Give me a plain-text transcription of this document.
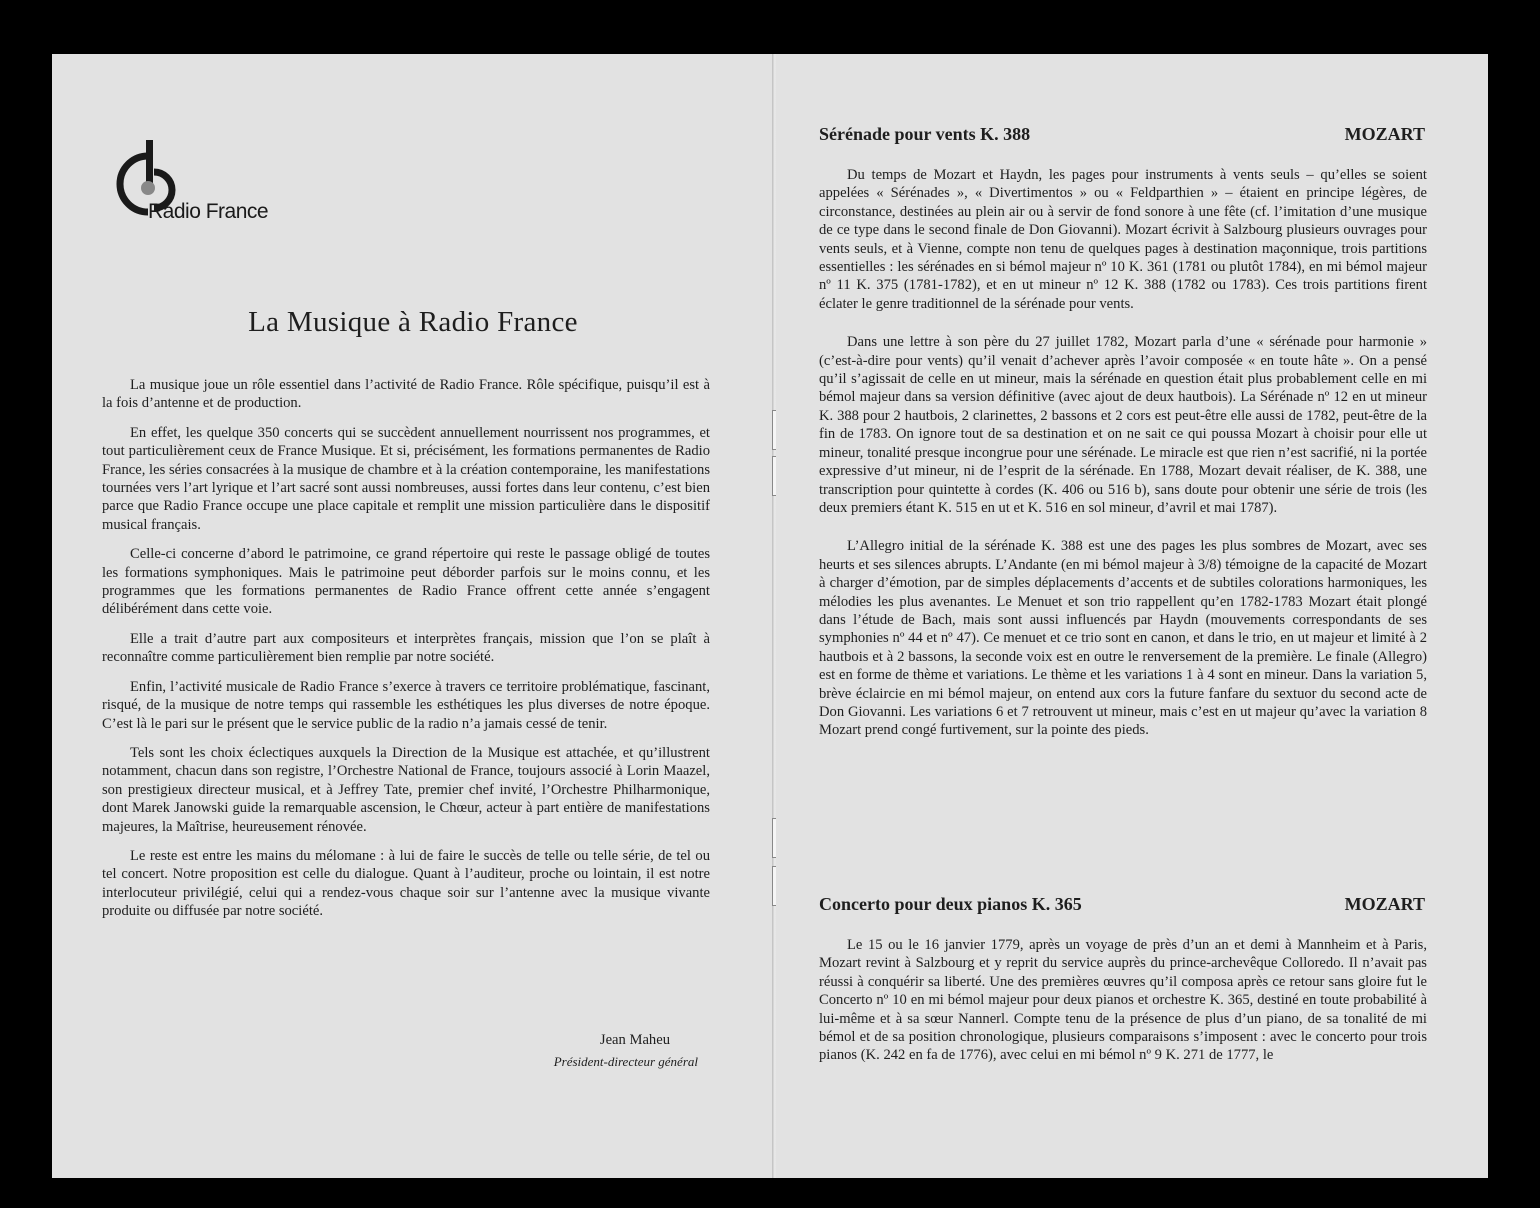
Radio France
La Musique à Radio France

La musique joue un rôle essentiel dans l’activité de Radio France. Rôle spécifique, puisqu’il est à la fois d’antenne et de production.

En effet, les quelque 350 concerts qui se succèdent annuellement nourrissent nos programmes, et tout particulièrement ceux de France Musique. Et si, précisément, les formations permanentes de Radio France, les séries consacrées à la musique de chambre et à la création contemporaine, les manifestations tournées vers l’art lyrique et l’art sacré sont aussi nombreuses, aussi fortes dans leur contenu, c’est bien parce que Radio France occupe une place capitale et remplit une mission particulière dans le dispositif musical français.

Celle-ci concerne d’abord le patrimoine, ce grand répertoire qui reste le passage obligé de toutes les formations symphoniques. Mais le patrimoine peut déborder parfois sur le moins connu, et les programmes que les formations permanentes de Radio France offrent cette année s’engagent délibérément dans cette voie.

Elle a trait d’autre part aux compositeurs et interprètes français, mission que l’on se plaît à reconnaître comme particulièrement bien remplie par notre société.

Enfin, l’activité musicale de Radio France s’exerce à travers ce territoire problématique, fascinant, risqué, de la musique de notre temps qui rassemble les esthétiques les plus diverses de notre époque. C’est là le pari sur le présent que le service public de la radio n’a jamais cessé de tenir.

Tels sont les choix éclectiques auxquels la Direction de la Musique est attachée, et qu’illustrent notamment, chacun dans son registre, l’Orchestre National de France, toujours associé à Lorin Maazel, son prestigieux directeur musical, et à Jeffrey Tate, premier chef invité, l’Orchestre Philharmonique, dont Marek Janowski guide la remarquable ascension, le Chœur, acteur à part entière de manifestations majeures, la Maîtrise, heureusement rénovée.

Le reste est entre les mains du mélomane : à lui de faire le succès de telle ou telle série, de tel ou tel concert. Notre proposition est celle du dialogue. Quant à l’auditeur, proche ou lointain, il est notre interlocuteur privilégié, celui qui a rendez-vous chaque soir sur l’antenne avec la musique vivante produite ou diffusée par notre société.

Jean Maheu
Président-directeur général
Sérénade pour vents K. 388	MOZART

Du temps de Mozart et Haydn, les pages pour instruments à vents seuls – qu’elles se soient appelées « Sérénades », « Divertimentos » ou « Feldparthien » – étaient en principe légères, de circonstance, destinées au plein air ou à servir de fond sonore à une fête (cf. l’imitation d’une musique de ce type dans le second finale de Don Giovanni). Mozart écrivit à Salzbourg plusieurs ouvrages pour vents seuls, et à Vienne, compte non tenu de quelques pages à destination maçonnique, trois partitions essentielles : les sérénades en si bémol majeur nº 10 K. 361 (1781 ou plutôt 1784), en mi bémol majeur nº 11 K. 375 (1781-1782), et en ut mineur nº 12 K. 388 (1782 ou 1783). Ces trois partitions firent éclater le genre traditionnel de la sérénade pour vents.

Dans une lettre à son père du 27 juillet 1782, Mozart parla d’une « sérénade pour harmonie » (c’est-à-dire pour vents) qu’il venait d’achever après l’avoir composée « en toute hâte ». On a pensé qu’il s’agissait de celle en ut mineur, mais la sérénade en question était plus probablement celle en mi bémol majeur dans sa version définitive (avec ajout de deux hautbois). La Sérénade nº 12 en ut mineur K. 388 pour 2 hautbois, 2 clarinettes, 2 bassons et 2 cors est peut-être elle aussi de 1782, peut-être de la fin de 1783. On ignore tout de sa destination et on ne sait ce qui poussa Mozart à choisir pour elle ut mineur, tonalité presque incongrue pour une sérénade. Le miracle est que rien n’est sacrifié, ni la portée expressive d’ut mineur, ni de l’esprit de la sérénade. En 1788, Mozart devait réaliser, de K. 388, une transcription pour quintette à cordes (K. 406 ou 516 b), sans doute pour obtenir une série de trois (les deux premiers étant K. 515 en ut et K. 516 en sol mineur, d’avril et mai 1787).

L’Allegro initial de la sérénade K. 388 est une des pages les plus sombres de Mozart, avec ses heurts et ses silences abrupts. L’Andante (en mi bémol majeur à 3/8) témoigne de la capacité de Mozart à charger d’émotion, par de simples déplacements d’accents et de subtiles colorations harmoniques, les mélodies les plus avenantes. Le Menuet et son trio rappellent qu’en 1782-1783 Mozart était plongé dans l’étude de Bach, mais sont aussi influencés par Haydn (mouvements correspondants de ses symphonies nº 44 et nº 47). Ce menuet et ce trio sont en canon, et dans le trio, en ut majeur et limité à 2 hautbois et à 2 bassons, la seconde voix est en outre le renversement de la première. Le finale (Allegro) est en forme de thème et variations. Le thème et les variations 1 à 4 sont en mineur. Dans la variation 5, brève éclaircie en mi bémol majeur, on entend aux cors la future fanfare du sextuor du second acte de Don Giovanni. Les variations 6 et 7 retrouvent ut mineur, mais c’est en ut majeur qu’avec la variation 8 Mozart prend congé furtivement, sur la pointe des pieds.

Concerto pour deux pianos K. 365	MOZART

Le 15 ou le 16 janvier 1779, après un voyage de près d’un an et demi à Mannheim et à Paris, Mozart revint à Salzbourg et y reprit du service auprès du prince-archevêque Colloredo. Il n’avait pas réussi à conquérir sa liberté. Une des premières œuvres qu’il composa après ce retour sans gloire fut le Concerto nº 10 en mi bémol majeur pour deux pianos et orchestre K. 365, destiné en toute probabilité à lui-même et à sa sœur Nannerl. Compte tenu de la présence de plus d’un piano, de sa tonalité de mi bémol et de sa position chronologique, plusieurs comparaisons s’imposent : avec le concerto pour trois pianos (K. 242 en fa de 1776), avec celui en mi bémol nº 9 K. 271 de 1777, le
